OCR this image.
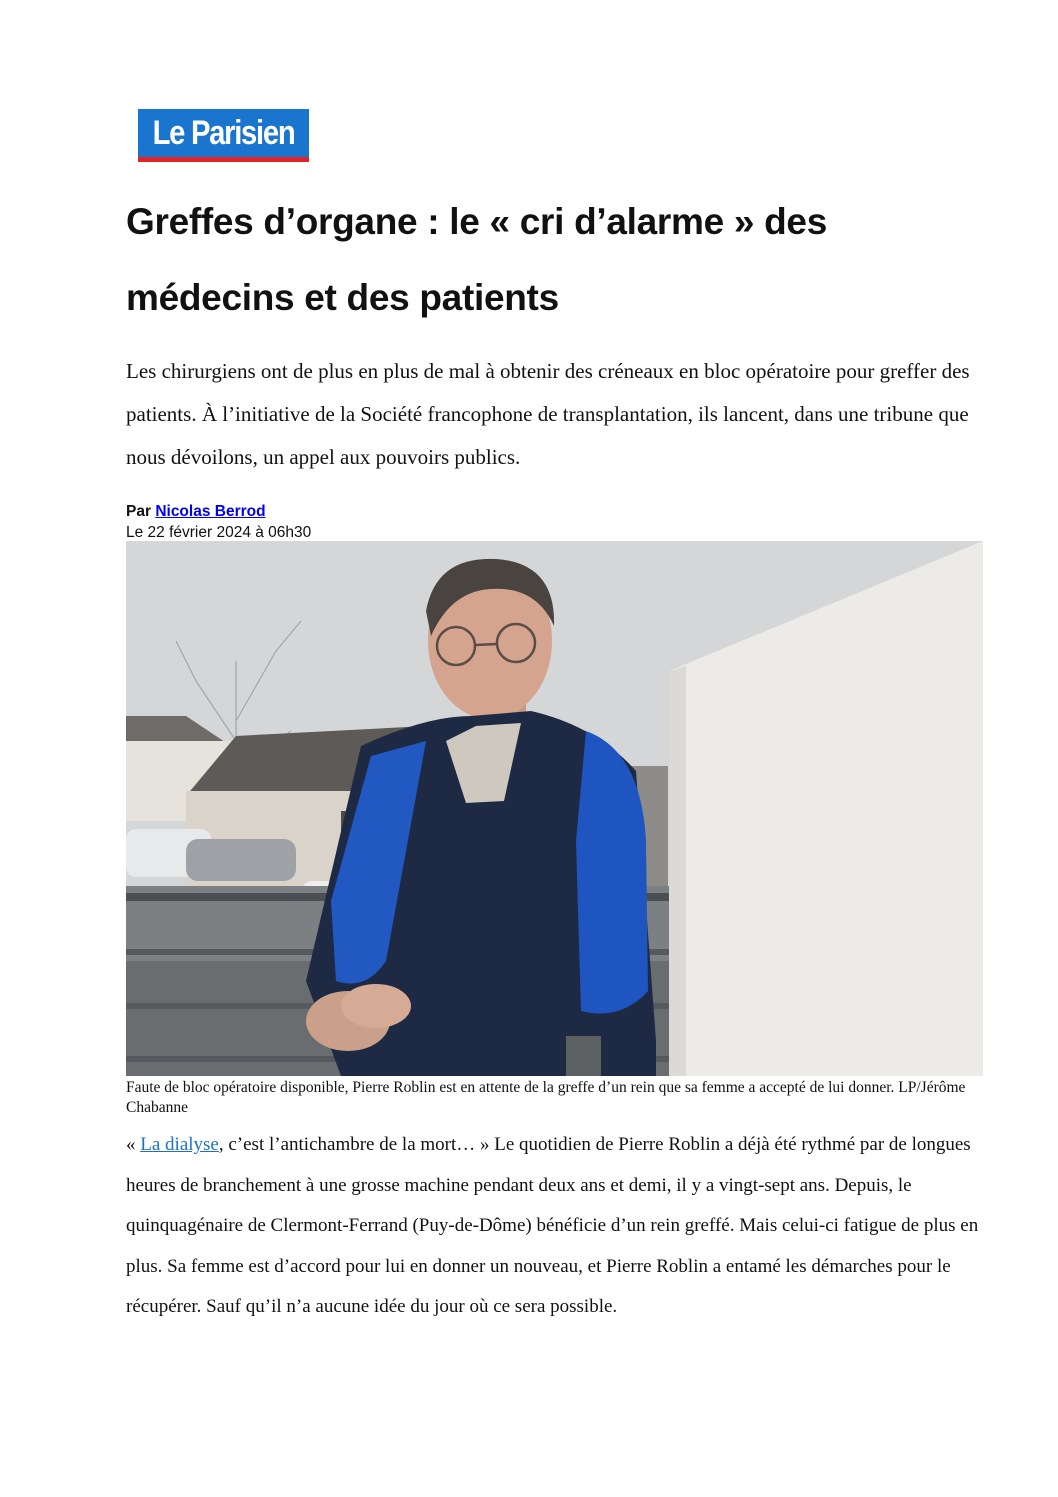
Le Parisien
Greffes d’organe : le « cri d’alarme » des
médecins et des patients

Les chirurgiens ont de plus en plus de mal à obtenir des créneaux en bloc opératoire pour greffer des patients. À l’initiative de la Société francophone de transplantation, ils lancent, dans une tribune que nous dévoilons, un appel aux pouvoirs publics.

Par Nicolas Berrod
Le 22 février 2024 à 06h30

Faute de bloc opératoire disponible, Pierre Roblin est en attente de la greffe d’un rein que sa femme a accepté de lui donner. LP/Jérôme Chabanne

« La dialyse, c’est l’antichambre de la mort… » Le quotidien de Pierre Roblin a déjà été rythmé par de longues heures de branchement à une grosse machine pendant deux ans et demi, il y a vingt-sept ans. Depuis, le quinquagénaire de Clermont-Ferrand (Puy-de-Dôme) bénéficie d’un rein greffé. Mais celui-ci fatigue de plus en plus. Sa femme est d’accord pour lui en donner un nouveau, et Pierre Roblin a entamé les démarches pour le récupérer. Sauf qu’il n’a aucune idée du jour où ce sera possible.
